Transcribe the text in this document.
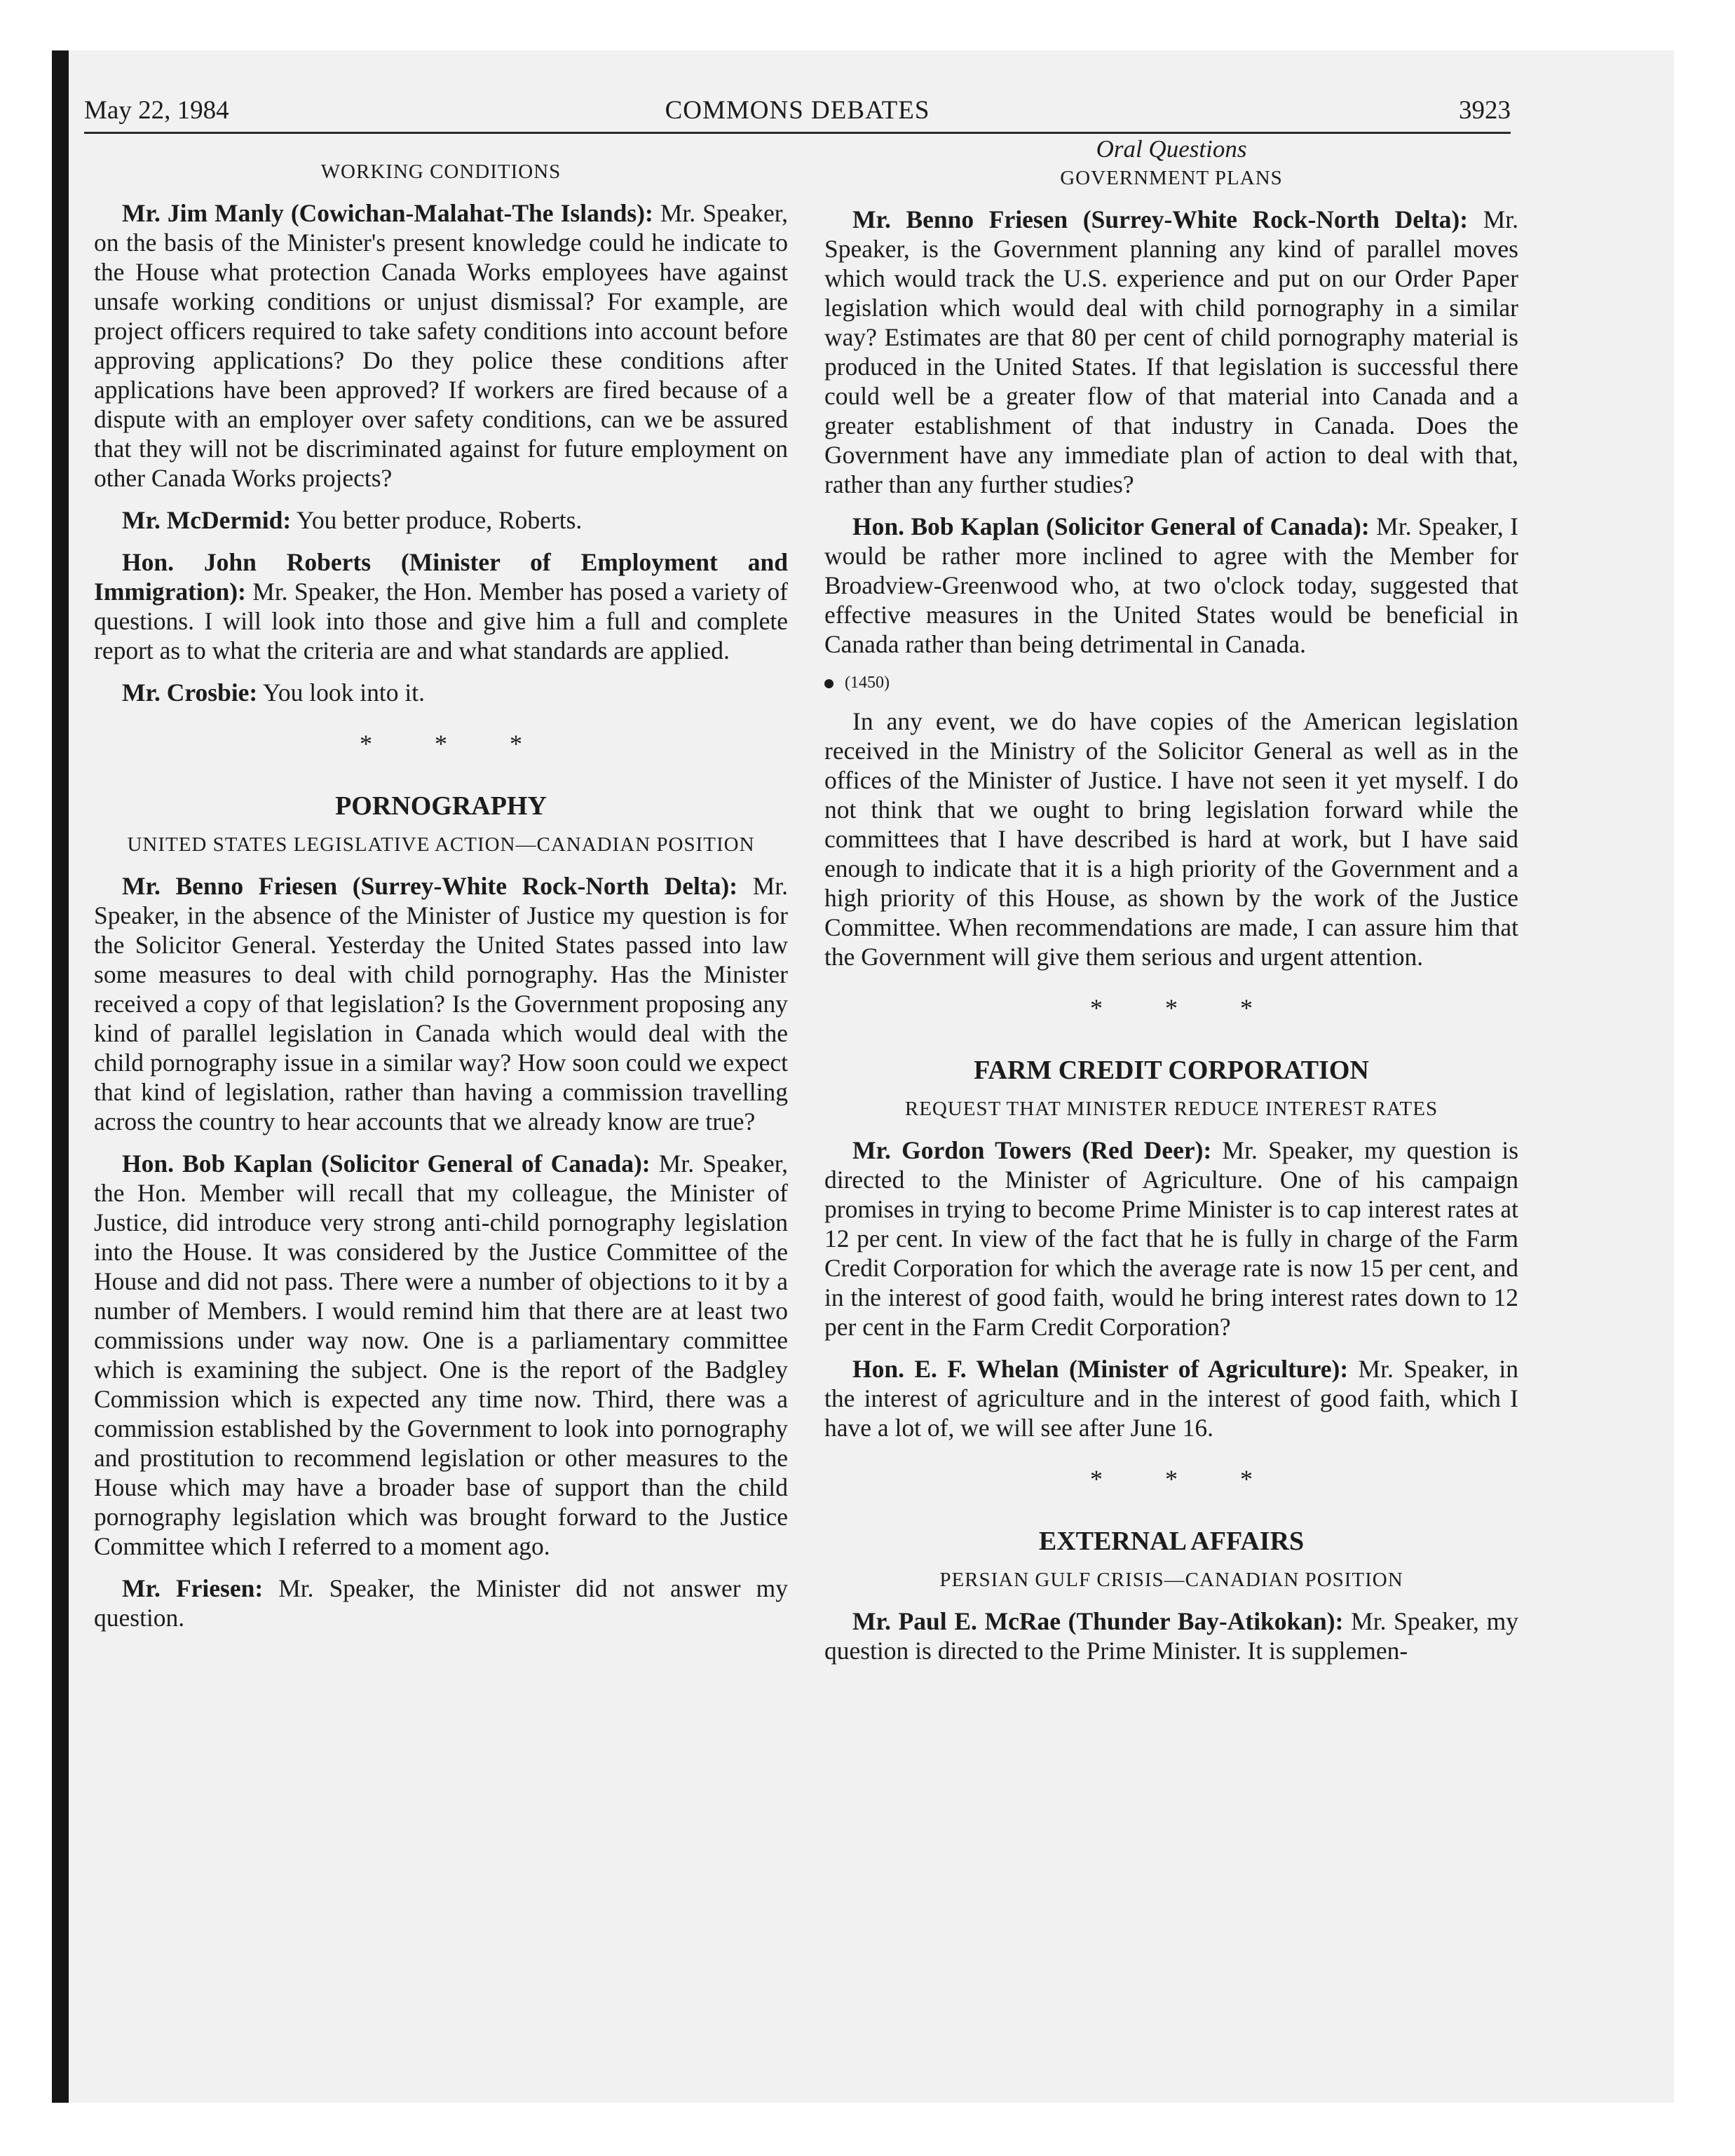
May 22, 1984	COMMONS DEBATES	3923

WORKING CONDITIONS

Mr. Jim Manly (Cowichan-Malahat-The Islands): Mr. Speaker, on the basis of the Minister's present knowledge could he indicate to the House what protection Canada Works employees have against unsafe working conditions or unjust dismissal? For example, are project officers required to take safety conditions into account before approving applications? Do they police these conditions after applications have been approved? If workers are fired because of a dispute with an employer over safety conditions, can we be assured that they will not be discriminated against for future employment on other Canada Works projects?

Mr. McDermid: You better produce, Roberts.

Hon. John Roberts (Minister of Employment and Immigration): Mr. Speaker, the Hon. Member has posed a variety of questions. I will look into those and give him a full and complete report as to what the criteria are and what standards are applied.

Mr. Crosbie: You look into it.

* * *

PORNOGRAPHY

UNITED STATES LEGISLATIVE ACTION—CANADIAN POSITION

Mr. Benno Friesen (Surrey-White Rock-North Delta): Mr. Speaker, in the absence of the Minister of Justice my question is for the Solicitor General. Yesterday the United States passed into law some measures to deal with child pornography. Has the Minister received a copy of that legislation? Is the Government proposing any kind of parallel legislation in Canada which would deal with the child pornography issue in a similar way? How soon could we expect that kind of legislation, rather than having a commission travelling across the country to hear accounts that we already know are true?

Hon. Bob Kaplan (Solicitor General of Canada): Mr. Speaker, the Hon. Member will recall that my colleague, the Minister of Justice, did introduce very strong anti-child pornography legislation into the House. It was considered by the Justice Committee of the House and did not pass. There were a number of objections to it by a number of Members. I would remind him that there are at least two commissions under way now. One is a parliamentary committee which is examining the subject. One is the report of the Badgley Commission which is expected any time now. Third, there was a commission established by the Government to look into pornography and prostitution to recommend legislation or other measures to the House which may have a broader base of support than the child pornography legislation which was brought forward to the Justice Committee which I referred to a moment ago.

Mr. Friesen: Mr. Speaker, the Minister did not answer my question.

Oral Questions

GOVERNMENT PLANS

Mr. Benno Friesen (Surrey-White Rock-North Delta): Mr. Speaker, is the Government planning any kind of parallel moves which would track the U.S. experience and put on our Order Paper legislation which would deal with child pornography in a similar way? Estimates are that 80 per cent of child pornography material is produced in the United States. If that legislation is successful there could well be a greater flow of that material into Canada and a greater establishment of that industry in Canada. Does the Government have any immediate plan of action to deal with that, rather than any further studies?

Hon. Bob Kaplan (Solicitor General of Canada): Mr. Speaker, I would be rather more inclined to agree with the Member for Broadview-Greenwood who, at two o'clock today, suggested that effective measures in the United States would be beneficial in Canada rather than being detrimental in Canada.

(1450)

In any event, we do have copies of the American legislation received in the Ministry of the Solicitor General as well as in the offices of the Minister of Justice. I have not seen it yet myself. I do not think that we ought to bring legislation forward while the committees that I have described is hard at work, but I have said enough to indicate that it is a high priority of the Government and a high priority of this House, as shown by the work of the Justice Committee. When recommendations are made, I can assure him that the Government will give them serious and urgent attention.

* * *

FARM CREDIT CORPORATION

REQUEST THAT MINISTER REDUCE INTEREST RATES

Mr. Gordon Towers (Red Deer): Mr. Speaker, my question is directed to the Minister of Agriculture. One of his campaign promises in trying to become Prime Minister is to cap interest rates at 12 per cent. In view of the fact that he is fully in charge of the Farm Credit Corporation for which the average rate is now 15 per cent, and in the interest of good faith, would he bring interest rates down to 12 per cent in the Farm Credit Corporation?

Hon. E. F. Whelan (Minister of Agriculture): Mr. Speaker, in the interest of agriculture and in the interest of good faith, which I have a lot of, we will see after June 16.

* * *

EXTERNAL AFFAIRS

PERSIAN GULF CRISIS—CANADIAN POSITION

Mr. Paul E. McRae (Thunder Bay-Atikokan): Mr. Speaker, my question is directed to the Prime Minister. It is supplemen-
